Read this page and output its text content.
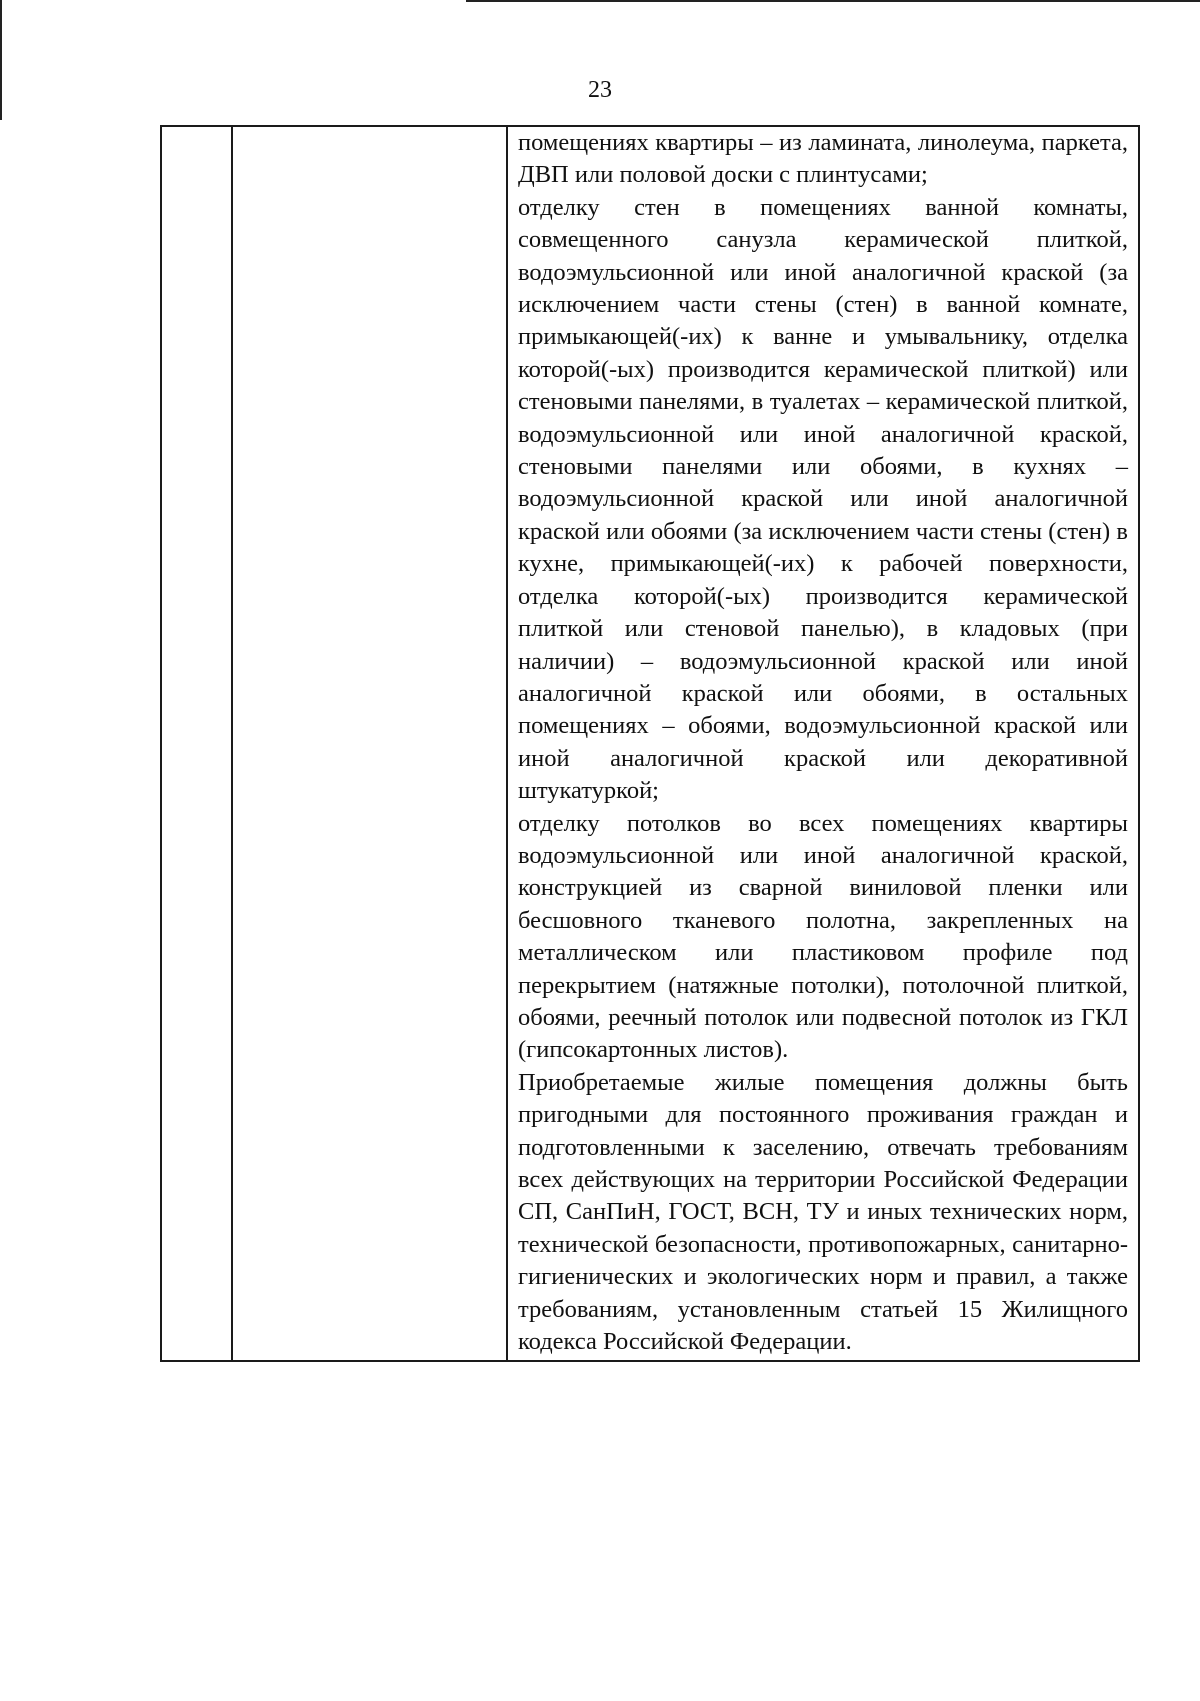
23

помещениях квартиры – из ламината, линолеума, паркета, ДВП или половой доски с плинтусами;

отделку стен в помещениях ванной комнаты, совмещенного санузла керамической плиткой, водоэмульсионной или иной аналогичной краской (за исключением части стены (стен) в ванной комнате, примыкающей(-их) к ванне и умывальнику, отделка которой(-ых) производится керамической плиткой) или стеновыми панелями, в туалетах – керамической плиткой, водоэмульсионной или иной аналогичной краской, стеновыми панелями или обоями, в кухнях – водоэмульсионной краской или иной аналогичной краской или обоями (за исключением части стены (стен) в кухне, примыкающей(-их) к рабочей поверхности, отделка которой(-ых) производится керамической плиткой или стеновой панелью), в кладовых (при наличии) – водоэмульсионной краской или иной аналогичной краской или обоями, в остальных помещениях – обоями, водоэмульсионной краской или иной аналогичной краской или декоративной штукатуркой;

отделку потолков во всех помещениях квартиры водоэмульсионной или иной аналогичной краской, конструкцией из сварной виниловой пленки или бесшовного тканевого полотна, закрепленных на металлическом или пластиковом профиле под перекрытием (натяжные потолки), потолочной плиткой, обоями, реечный потолок или подвесной потолок из ГКЛ (гипсокартонных листов).

Приобретаемые жилые помещения должны быть пригодными для постоянного проживания граждан и подготовленными к заселению, отвечать требованиям всех действующих на территории Российской Федерации СП, СанПиН, ГОСТ, ВСН, ТУ и иных технических норм, технической безопасности, противопожарных, санитарно-гигиенических и экологических норм и правил, а также требованиям, установленным статьей 15 Жилищного кодекса Российской Федерации.
